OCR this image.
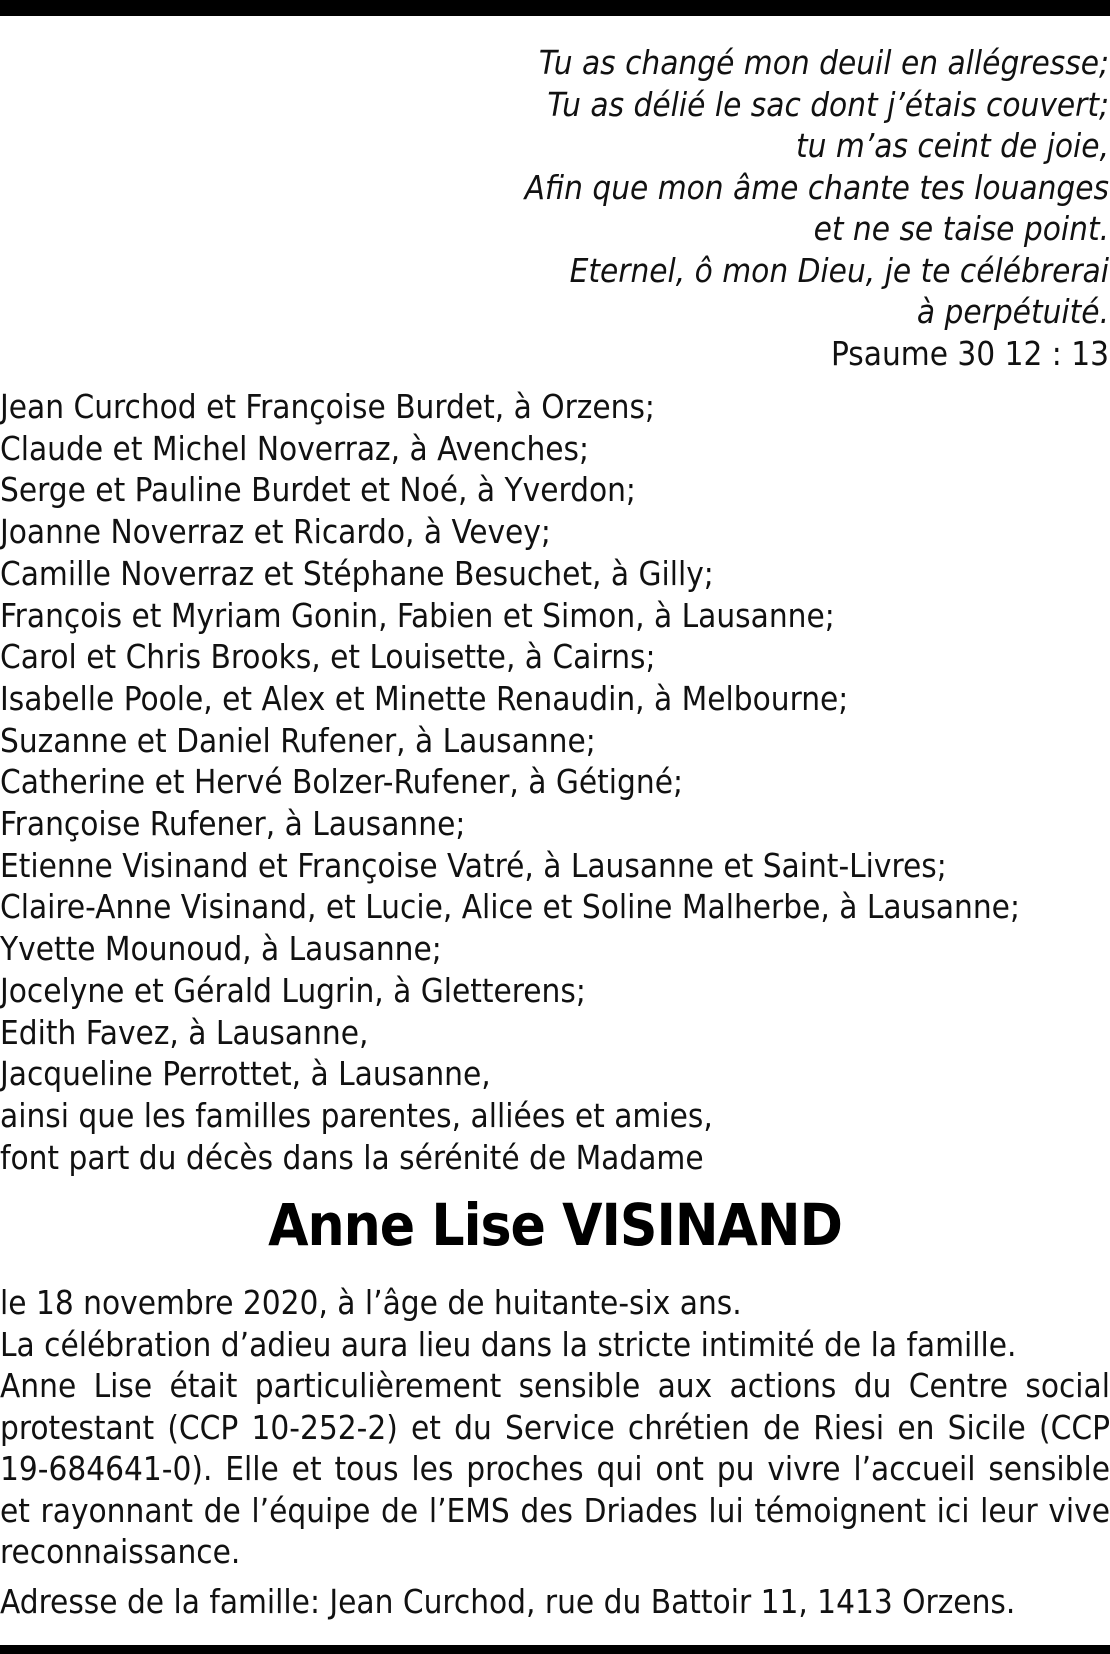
Tu as changé mon deuil en allégresse;
Tu as délié le sac dont j’étais couvert;
tu m’as ceint de joie,
Afin que mon âme chante tes louanges
et ne se taise point.
Eternel, ô mon Dieu, je te célébrerai
à perpétuité.
Psaume 30 12 : 13
Jean Curchod et Françoise Burdet, à Orzens;
Claude et Michel Noverraz, à Avenches;
Serge et Pauline Burdet et Noé, à Yverdon;
Joanne Noverraz et Ricardo, à Vevey;
Camille Noverraz et Stéphane Besuchet, à Gilly;
François et Myriam Gonin, Fabien et Simon, à Lausanne;
Carol et Chris Brooks, et Louisette, à Cairns;
Isabelle Poole, et Alex et Minette Renaudin, à Melbourne;
Suzanne et Daniel Rufener, à Lausanne;
Catherine et Hervé Bolzer-Rufener, à Gétigné;
Françoise Rufener, à Lausanne;
Etienne Visinand et Françoise Vatré, à Lausanne et Saint-Livres;
Claire-Anne Visinand, et Lucie, Alice et Soline Malherbe, à Lausanne;
Yvette Mounoud, à Lausanne;
Jocelyne et Gérald Lugrin, à Gletterens;
Edith Favez, à Lausanne,
Jacqueline Perrottet, à Lausanne,
ainsi que les familles parentes, alliées et amies,
font part du décès dans la sérénité de Madame
Anne Lise VISINAND
le 18 novembre 2020, à l’âge de huitante-six ans.
La célébration d’adieu aura lieu dans la stricte intimité de la famille.
Anne Lise était particulièrement sensible aux actions du Centre social protestant (CCP 10-252-2) et du Service chrétien de Riesi en Sicile (CCP 19-684641-0). Elle et tous les proches qui ont pu vivre l’accueil sensible et rayonnant de l’équipe de l’EMS des Driades lui témoignent ici leur vive reconnaissance.
Adresse de la famille: Jean Curchod, rue du Battoir 11, 1413 Orzens.
